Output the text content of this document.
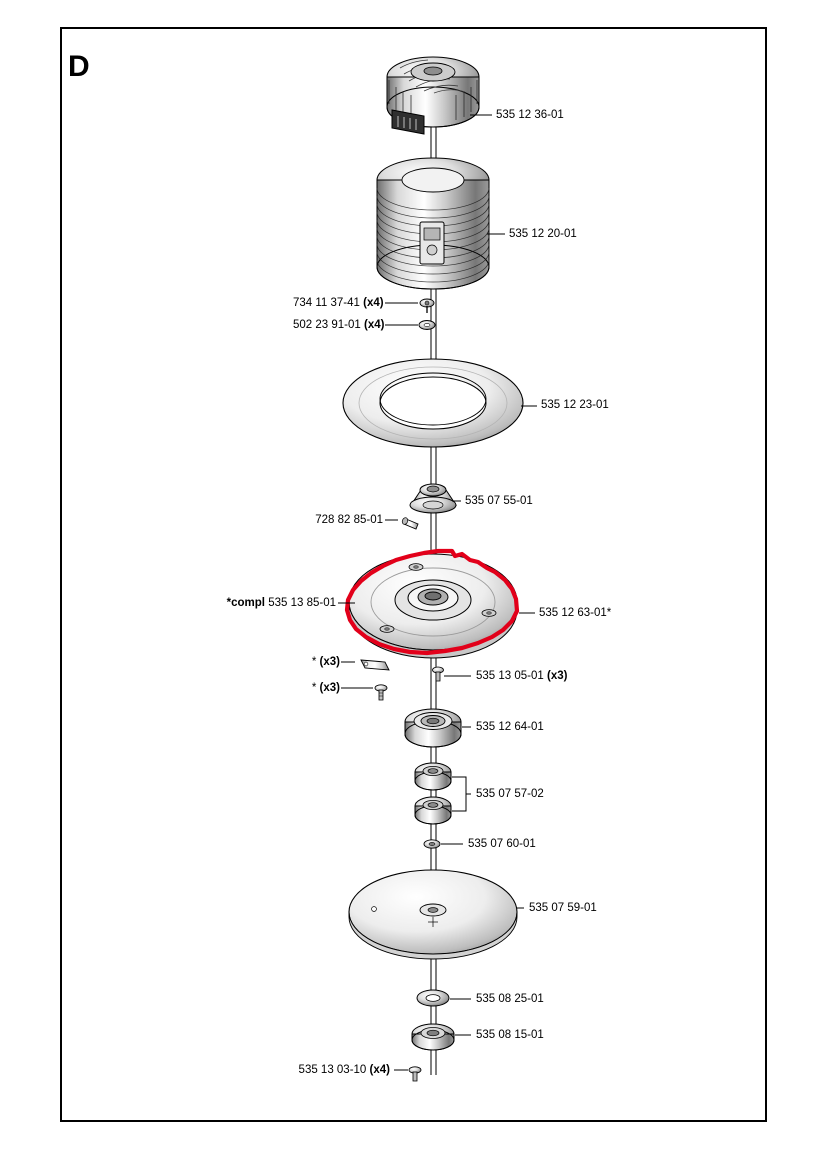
D
535 12 36-01
535 12 20-01
734 11 37-41 (x4)
502 23 91-01 (x4)
535 12 23-01
535 07 55-01
728 82 85-01
*compl 535 13 85-01
535 12 63-01*
* (x3)
* (x3)
535 13 05-01 (x3)
535 12 64-01
535 07 57-02
535 07 60-01
535 07 59-01
535 08 25-01
535 08 15-01
535 13 03-10 (x4)
